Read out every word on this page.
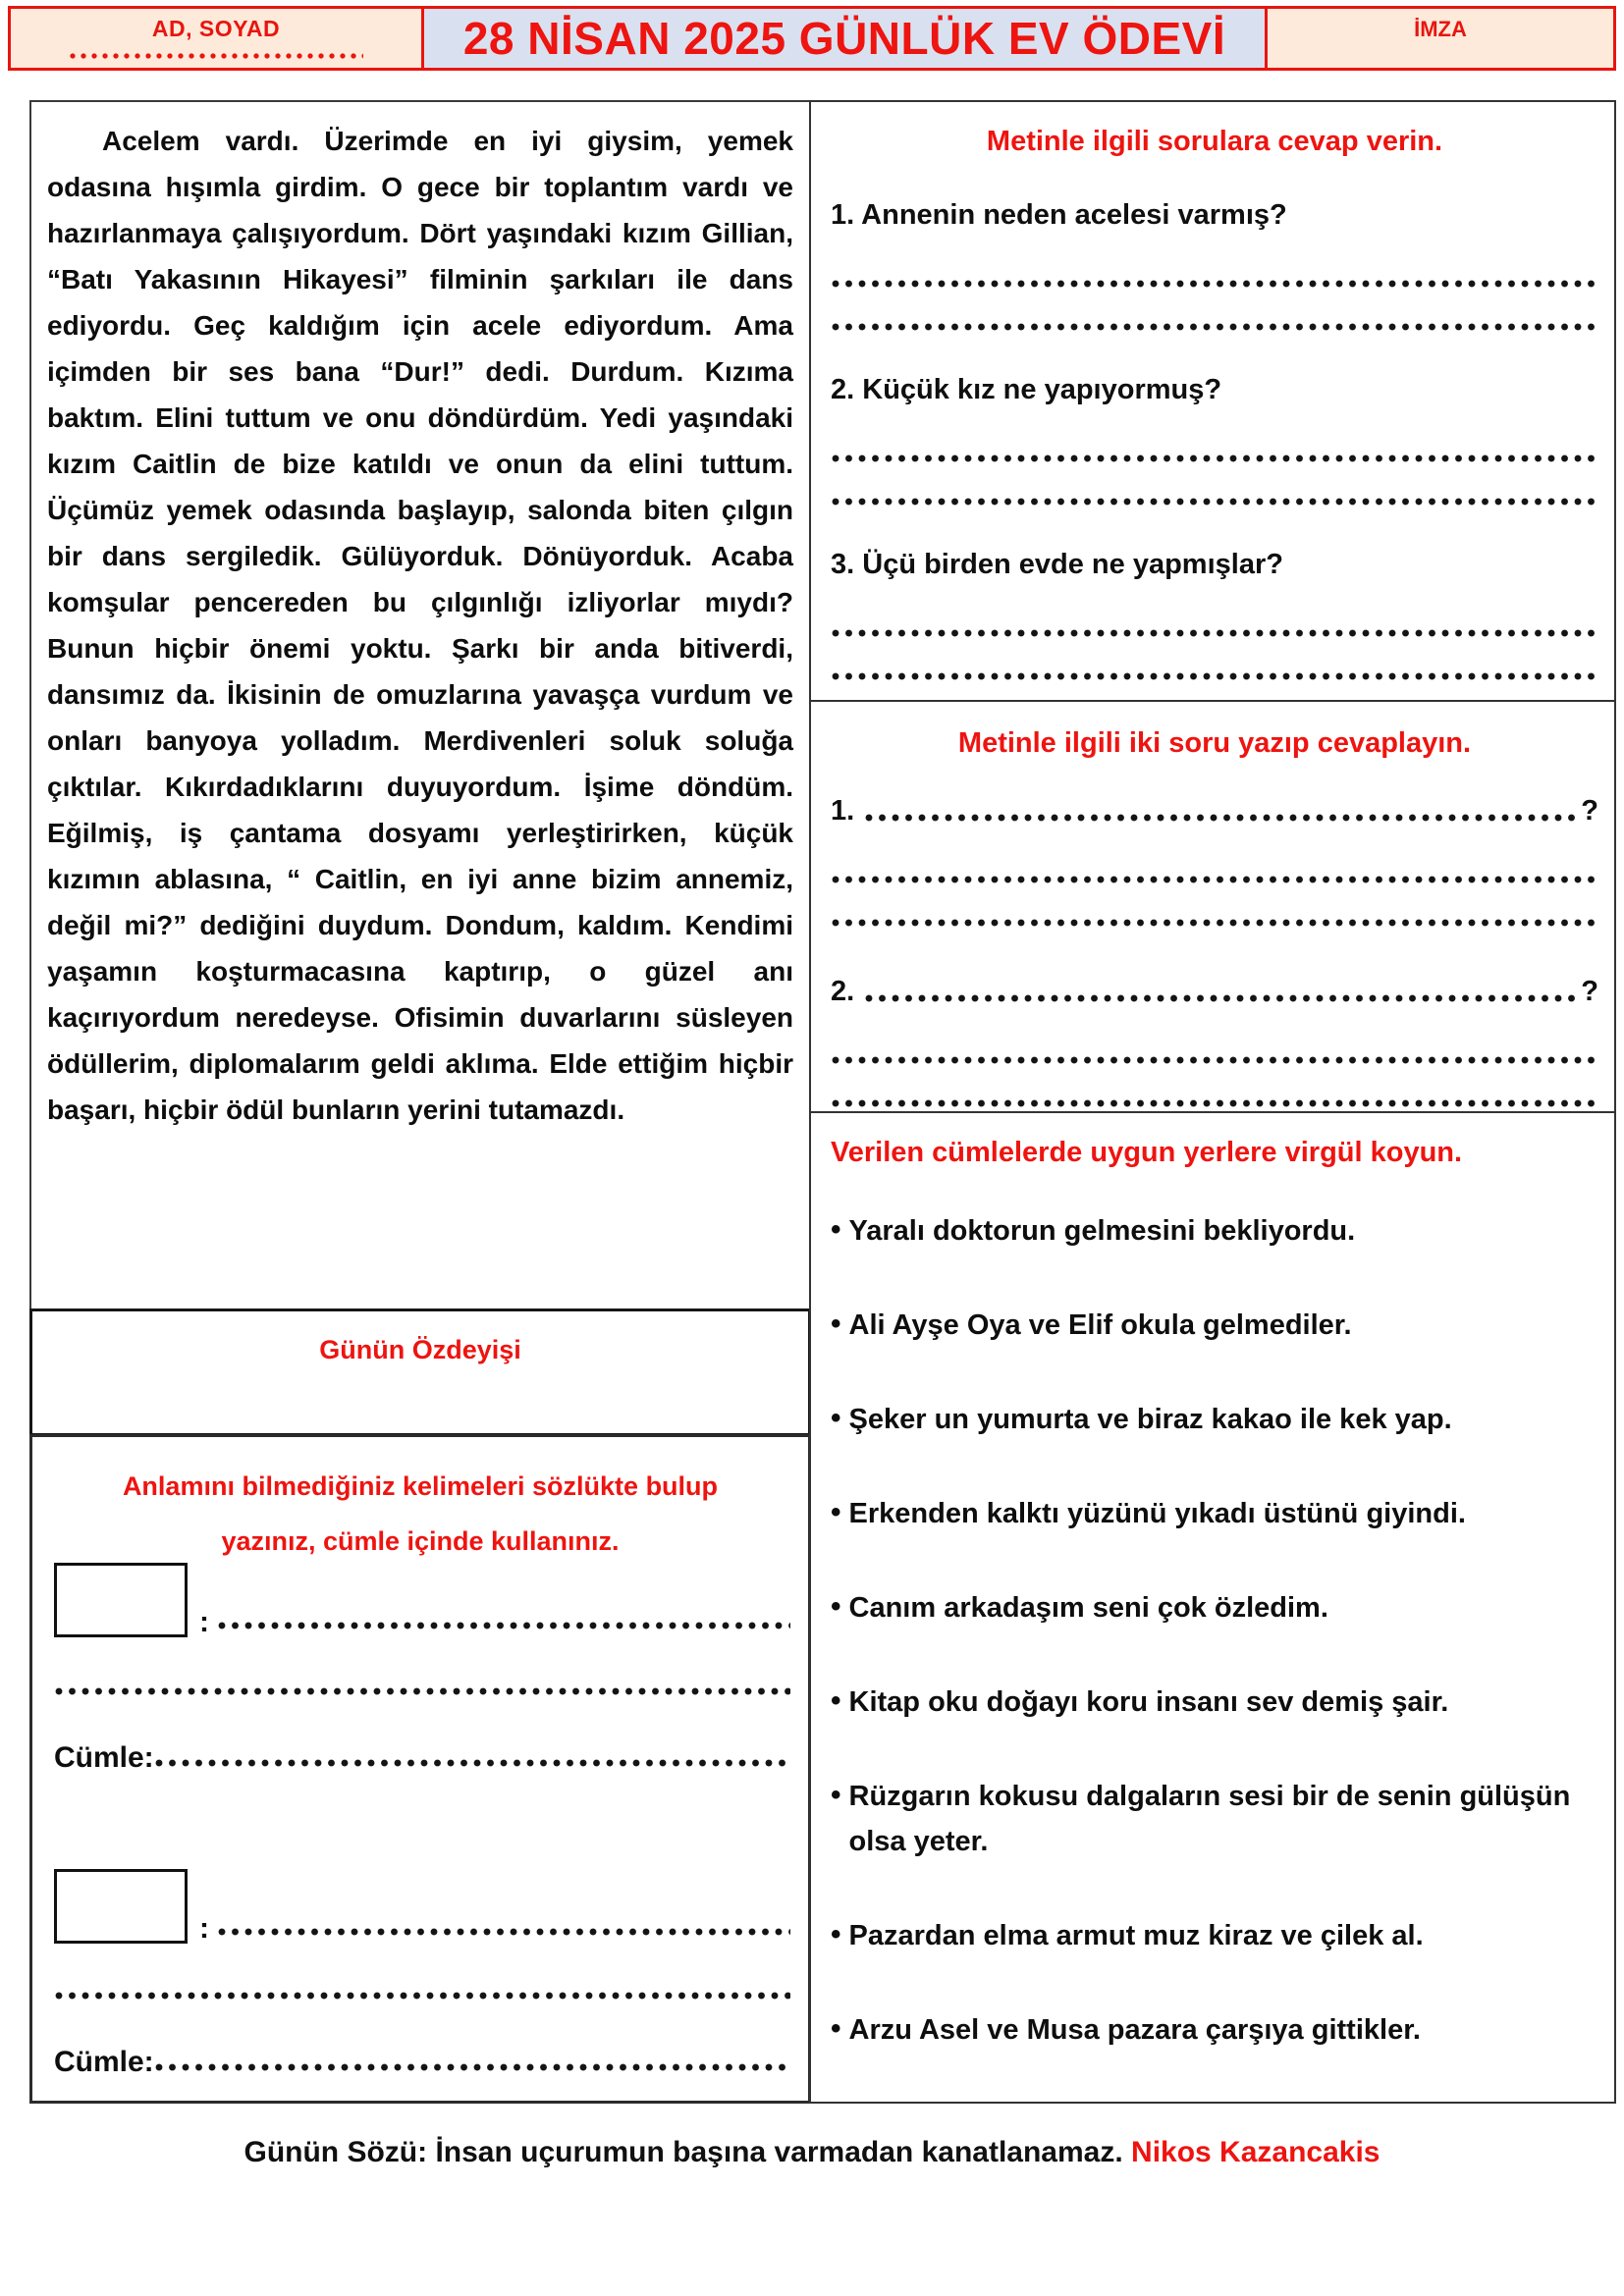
AD, SOYAD	28 NİSAN 2025 GÜNLÜK EV ÖDEVİ	İMZA
Acelem vardı. Üzerimde en iyi giysim, yemek odasına hışımla girdim. O gece bir toplantım vardı ve hazırlanmaya çalışıyordum. Dört yaşındaki kızım Gillian, “Batı Yakasının Hikayesi” filminin şarkıları ile dans ediyordu. Geç kaldığım için acele ediyordum. Ama içimden bir ses bana “Dur!” dedi. Durdum. Kızıma baktım. Elini tuttum ve onu döndürdüm. Yedi yaşındaki kızım Caitlin de bize katıldı ve onun da elini tuttum. Üçümüz yemek odasında başlayıp, salonda biten çılgın bir dans sergiledik. Gülüyorduk. Dönüyorduk. Acaba komşular pencereden bu çılgınlığı izliyorlar mıydı? Bunun hiçbir önemi yoktu. Şarkı bir anda bitiverdi, dansımız da. İkisinin de omuzlarına yavaşça vurdum ve onları banyoya yolladım. Merdivenleri soluk soluğa çıktılar. Kıkırdadıklarını duyuyordum. İşime döndüm. Eğilmiş, iş çantama dosyamı yerleştirirken, küçük kızımın ablasına, “ Caitlin, en iyi anne bizim annemiz, değil mi?” dediğini duydum. Dondum, kaldım. Kendimi yaşamın koşturmacasına kaptırıp, o güzel anı kaçırıyordum neredeyse. Ofisimin duvarlarını süsleyen ödüllerim, diplomalarım geldi aklıma. Elde ettiğim hiçbir başarı, hiçbir ödül bunların yerini tutamazdı.
Günün Özdeyişi
Anlamını bilmediğiniz kelimeleri sözlükte bulup yazınız, cümle içinde kullanınız.
:
Cümle:
:
Cümle:
Metinle ilgili sorulara cevap verin.
1. Annenin neden acelesi varmış?
2. Küçük kız ne yapıyormuş?
3. Üçü birden evde ne yapmışlar?
Metinle ilgili iki soru yazıp cevaplayın.
1.	?
2.	?
Verilen cümlelerde uygun yerlere virgül koyun.
• Yaralı doktorun gelmesini bekliyordu.
• Ali Ayşe Oya ve Elif okula gelmediler.
• Şeker un yumurta ve biraz kakao ile kek yap.
• Erkenden kalktı yüzünü yıkadı üstünü giyindi.
• Canım arkadaşım seni çok özledim.
• Kitap oku doğayı koru insanı sev demiş şair.
• Rüzgarın kokusu dalgaların sesi bir de senin gülüşün olsa yeter.
• Pazardan elma armut muz kiraz ve çilek al.
• Arzu Asel ve Musa pazara çarşıya gittikler.
Günün Sözü: İnsan uçurumun başına varmadan kanatlanamaz. Nikos Kazancakis
